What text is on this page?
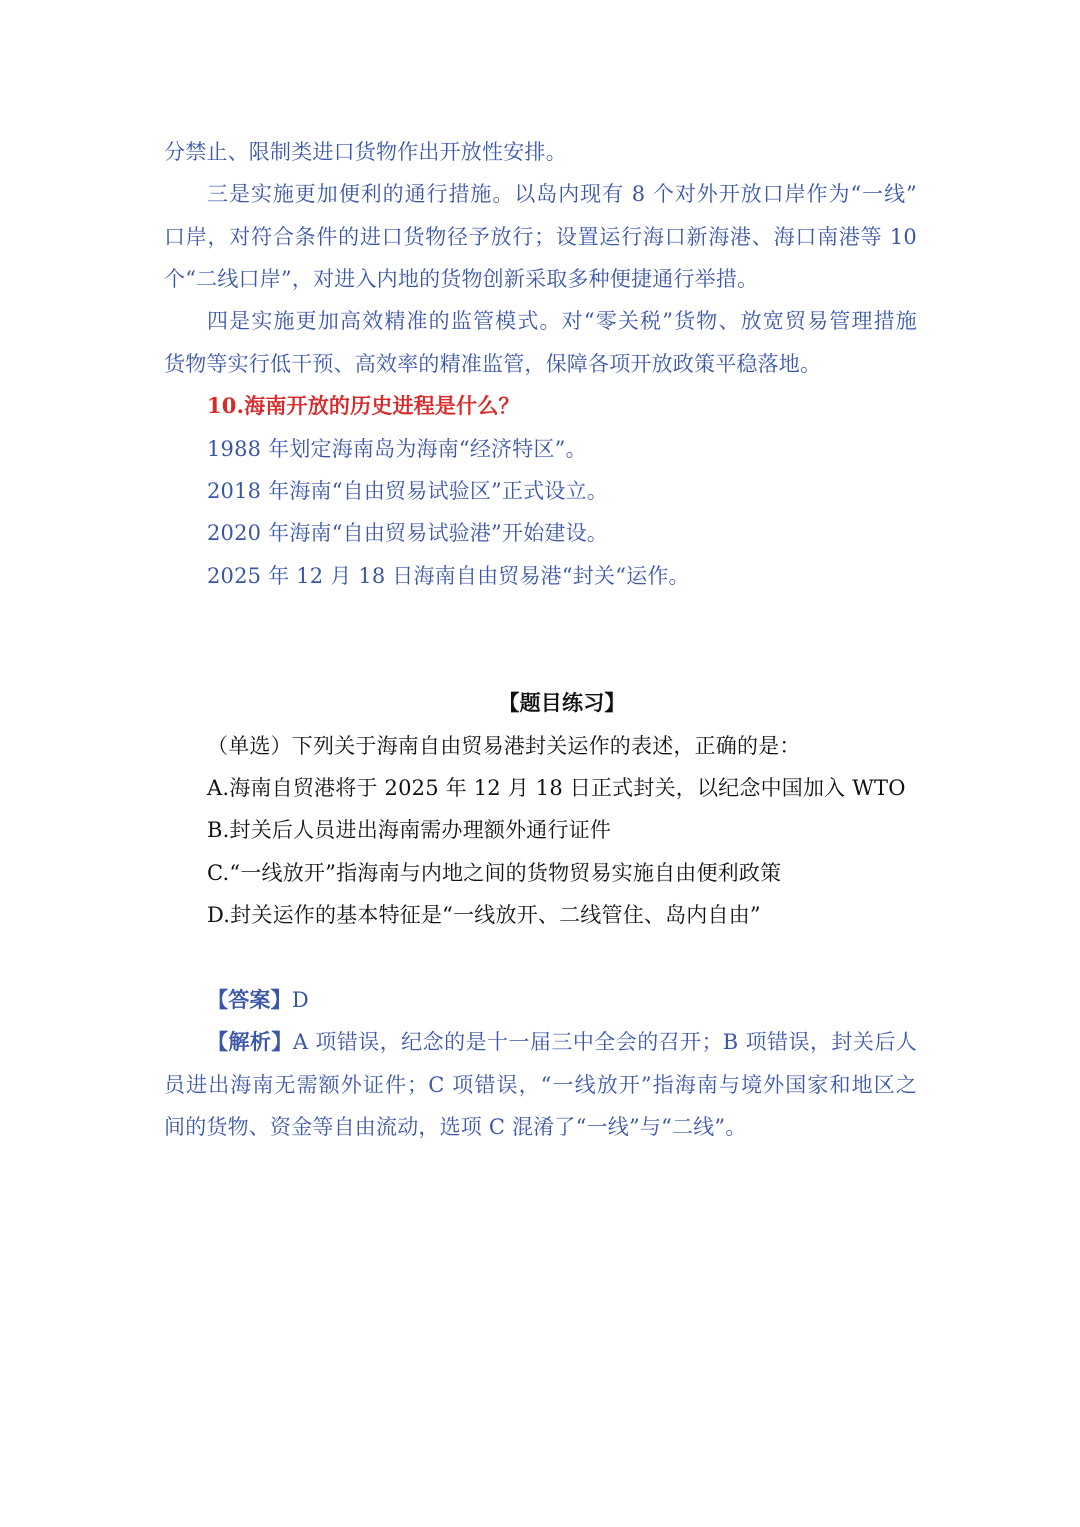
分禁止、限制类进口货物作出开放性安排。
三是实施更加便利的通行措施。以岛内现有 8 个对外开放口岸作为“一线”
口岸，对符合条件的进口货物径予放行；设置运行海口新海港、海口南港等 10
个“二线口岸”，对进入内地的货物创新采取多种便捷通行举措。
四是实施更加高效精准的监管模式。对“零关税”货物、放宽贸易管理措施
货物等实行低干预、高效率的精准监管，保障各项开放政策平稳落地。
10.海南开放的历史进程是什么？
1988 年划定海南岛为海南“经济特区”。
2018 年海南“自由贸易试验区”正式设立。
2020 年海南“自由贸易试验港”开始建设。
2025 年 12 月 18 日海南自由贸易港“封关“运作。
【题目练习】
（单选）下列关于海南自由贸易港封关运作的表述，正确的是：
A.海南自贸港将于 2025 年 12 月 18 日正式封关，以纪念中国加入 WTO
B.封关后人员进出海南需办理额外通行证件
C.“一线放开”指海南与内地之间的货物贸易实施自由便利政策
D.封关运作的基本特征是“一线放开、二线管住、岛内自由”
【答案】D
【解析】A 项错误，纪念的是十一届三中全会的召开；B 项错误，封关后人
员进出海南无需额外证件；C 项错误，“一线放开”指海南与境外国家和地区之
间的货物、资金等自由流动，选项 C 混淆了“一线”与“二线”。
